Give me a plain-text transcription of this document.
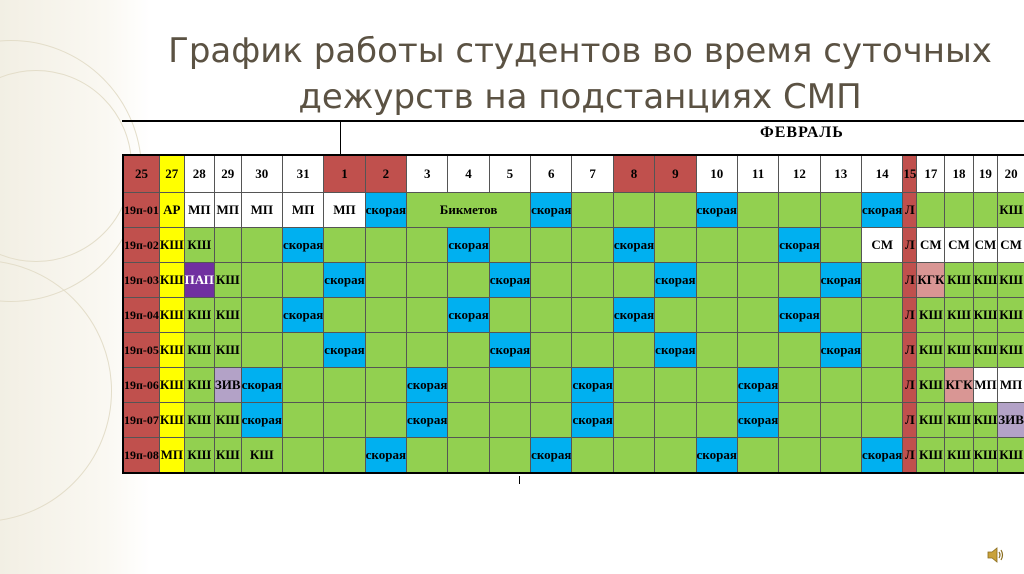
График работы студентов во время суточных
дежурств на подстанциях СМП
ФЕВРАЛЬ
25	27	28	29	30	31	1	2	3	4	5	6	7	8	9	10	11	12	13	14	15	17	18	19	20
19п-01	АР	МП	МП	МП	МП	МП	скорая	Бикметов			скорая				скорая				скорая	Л				КШ
19п-02	КШ	КШ			скорая				скорая				скорая				скорая		СМ	Л	СМ	СМ	СМ	СМ
19п-03	КШ	ПАП	КШ			скорая				скорая				скорая				скорая		Л	КГК	КШ	КШ	КШ
19п-04	КШ	КШ	КШ		скорая				скорая				скорая				скорая			Л	КШ	КШ	КШ	КШ
19п-05	КШ	КШ	КШ			скорая				скорая				скорая				скорая		Л	КШ	КШ	КШ	КШ
19п-06	КШ	КШ	ЗИВ	скорая				скорая				скорая				скорая				Л	КШ	КГК	МП	МП
19п-07	КШ	КШ	КШ	скорая				скорая				скорая				скорая				Л	КШ	КШ	КШ	ЗИВ
19п-08	МП	КШ	КШ	КШ			скорая				скорая				скорая				скорая	Л	КШ	КШ	КШ	КШ
